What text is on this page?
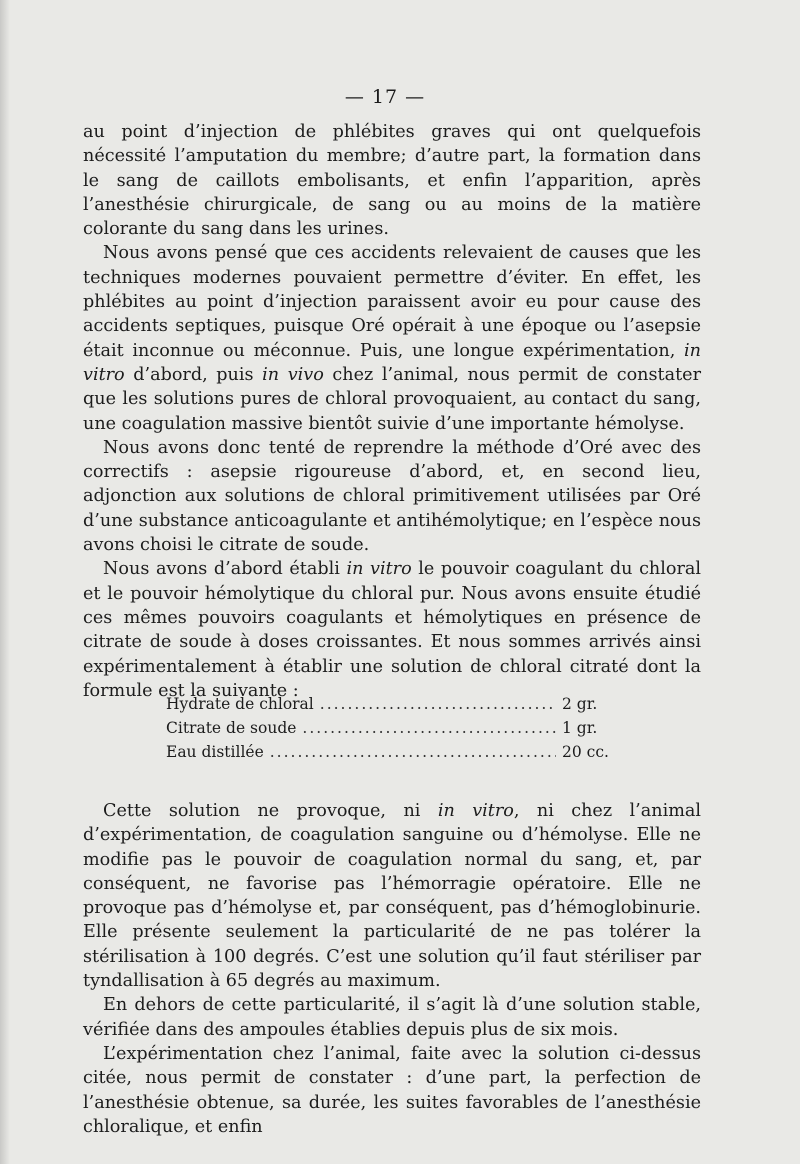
— 17 —

au point d’injection de phlébites graves qui ont quelquefois nécessité l’amputation du membre; d’autre part, la formation dans le sang de caillots embolisants, et enfin l’apparition, après l’anesthésie chirurgicale, de sang ou au moins de la matière colorante du sang dans les urines.

Nous avons pensé que ces accidents relevaient de causes que les techniques modernes pouvaient permettre d’éviter. En effet, les phlébites au point d’injection paraissent avoir eu pour cause des accidents septiques, puisque Oré opérait à une époque ou l’asepsie était inconnue ou méconnue. Puis, une longue expérimentation, in vitro d’abord, puis in vivo chez l’animal, nous permit de constater que les solutions pures de chloral provoquaient, au contact du sang, une coagulation massive bientôt suivie d’une importante hémolyse.

Nous avons donc tenté de reprendre la méthode d’Oré avec des correctifs : asepsie rigoureuse d’abord, et, en second lieu, adjonction aux solutions de chloral primitivement utilisées par Oré d’une substance anticoagulante et antihémolytique; en l’espèce nous avons choisi le citrate de soude.

Nous avons d’abord établi in vitro le pouvoir coagulant du chloral et le pouvoir hémolytique du chloral pur. Nous avons ensuite étudié ces mêmes pouvoirs coagulants et hémolytiques en présence de citrate de soude à doses croissantes. Et nous sommes arrivés ainsi expérimentalement à établir une solution de chloral citraté dont la formule est la suivante :

Hydrate de chloral .....	2 gr.
Citrate de soude .....	1 gr.
Eau distillée .....	20 cc.

Cette solution ne provoque, ni in vitro, ni chez l’animal d’expérimentation, de coagulation sanguine ou d’hémolyse. Elle ne modifie pas le pouvoir de coagulation normal du sang, et, par conséquent, ne favorise pas l’hémorragie opératoire. Elle ne provoque pas d’hémolyse et, par conséquent, pas d’hémoglobinurie. Elle présente seulement la particularité de ne pas tolérer la stérilisation à 100 degrés. C’est une solution qu’il faut stériliser par tyndallisation à 65 degrés au maximum.

En dehors de cette particularité, il s’agit là d’une solution stable, vérifiée dans des ampoules établies depuis plus de six mois.

L’expérimentation chez l’animal, faite avec la solution ci-dessus citée, nous permit de constater : d’une part, la perfection de l’anesthésie obtenue, sa durée, les suites favorables de l’anesthésie chloralique, et enfin
